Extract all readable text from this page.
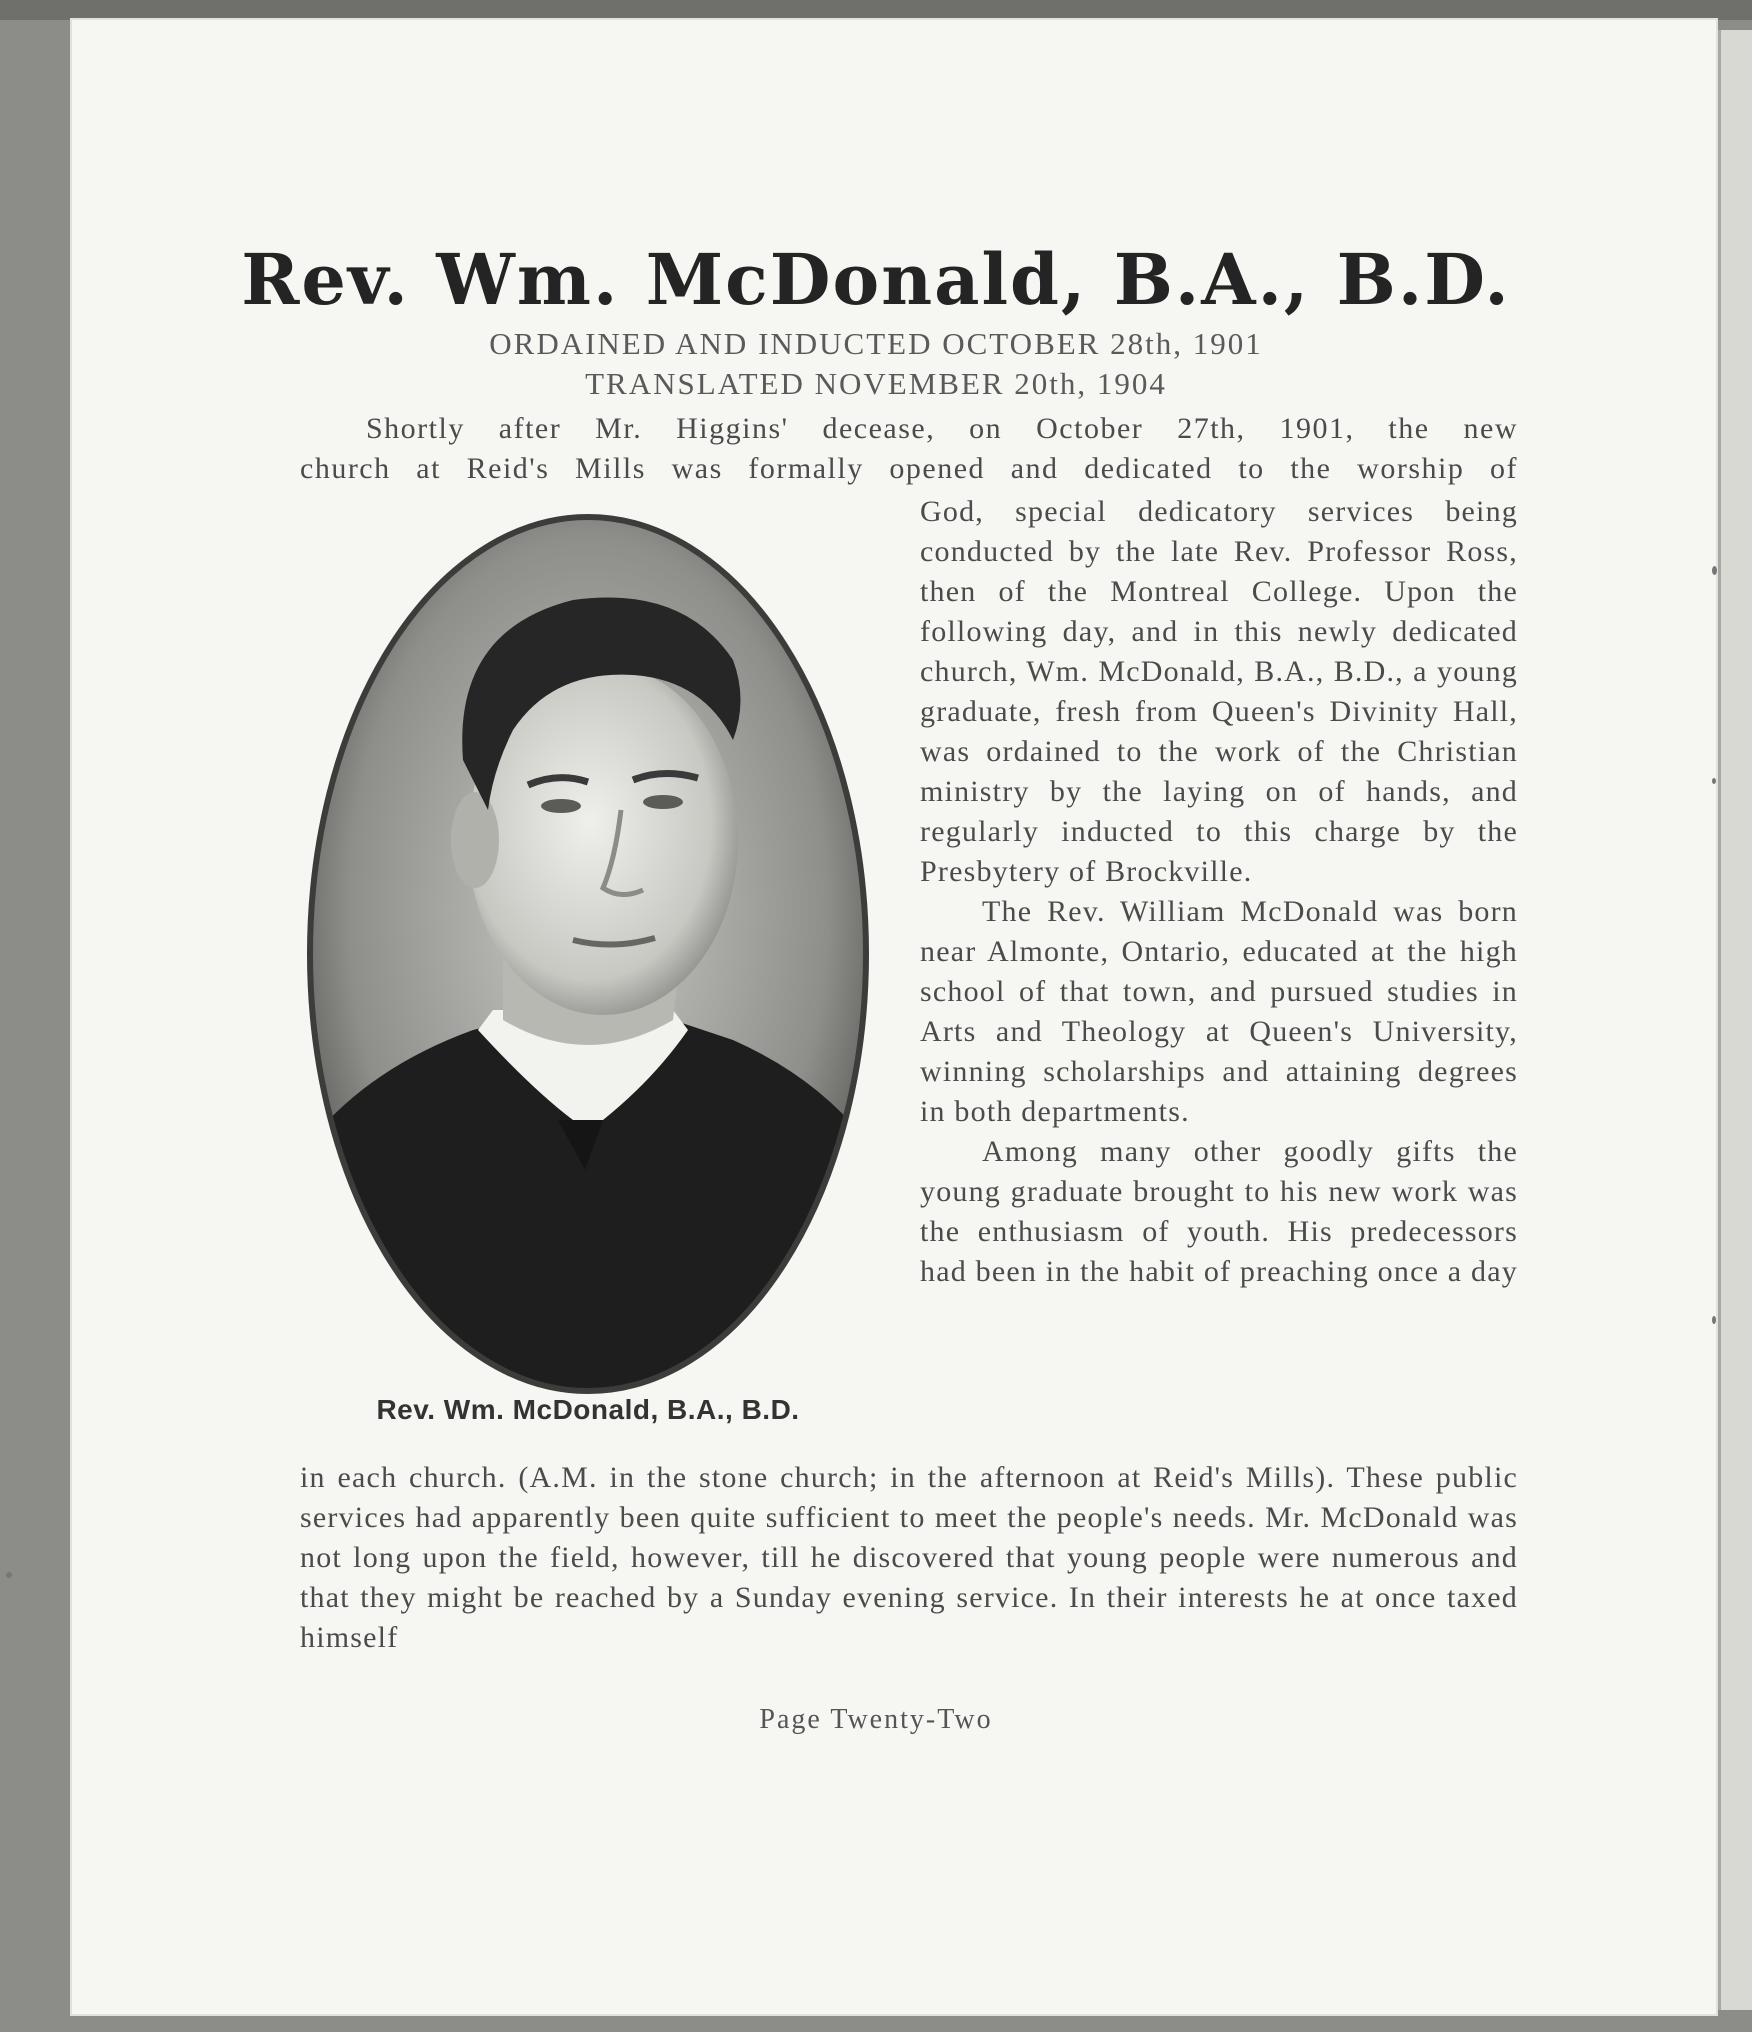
Rev. Wm. McDonald, B.A., B.D.
ORDAINED AND INDUCTED OCTOBER 28th, 1901
TRANSLATED NOVEMBER 20th, 1904
Shortly after Mr. Higgins' decease, on October 27th, 1901, the new
church at Reid's Mills was formally opened and dedicated to the worship of

God, special dedicatory services being conducted by the late Rev. Professor Ross, then of the Montreal College. Upon the following day, and in this newly dedicated church, Wm. McDonald, B.A., B.D., a young graduate, fresh from Queen's Divinity Hall, was ordained to the work of the Christian ministry by the laying on of hands, and regularly inducted to this charge by the Presbytery of Brockville.

The Rev. William McDonald was born near Almonte, Ontario, educated at the high school of that town, and pursued studies in Arts and Theology at Queen's University, winning scholarships and attaining degrees in both departments.

Among many other goodly gifts the young graduate brought to his new work was the enthusiasm of youth. His predecessors had been in the habit of preaching once a day

Rev. Wm. McDonald, B.A., B.D.
in each church. (A.M. in the stone church; in the afternoon at Reid's Mills). These public services had apparently been quite sufficient to meet the people's needs. Mr. McDonald was not long upon the field, however, till he discovered that young people were numerous and that they might be reached by a Sunday evening service. In their interests he at once taxed himself
Page Twenty-Two
